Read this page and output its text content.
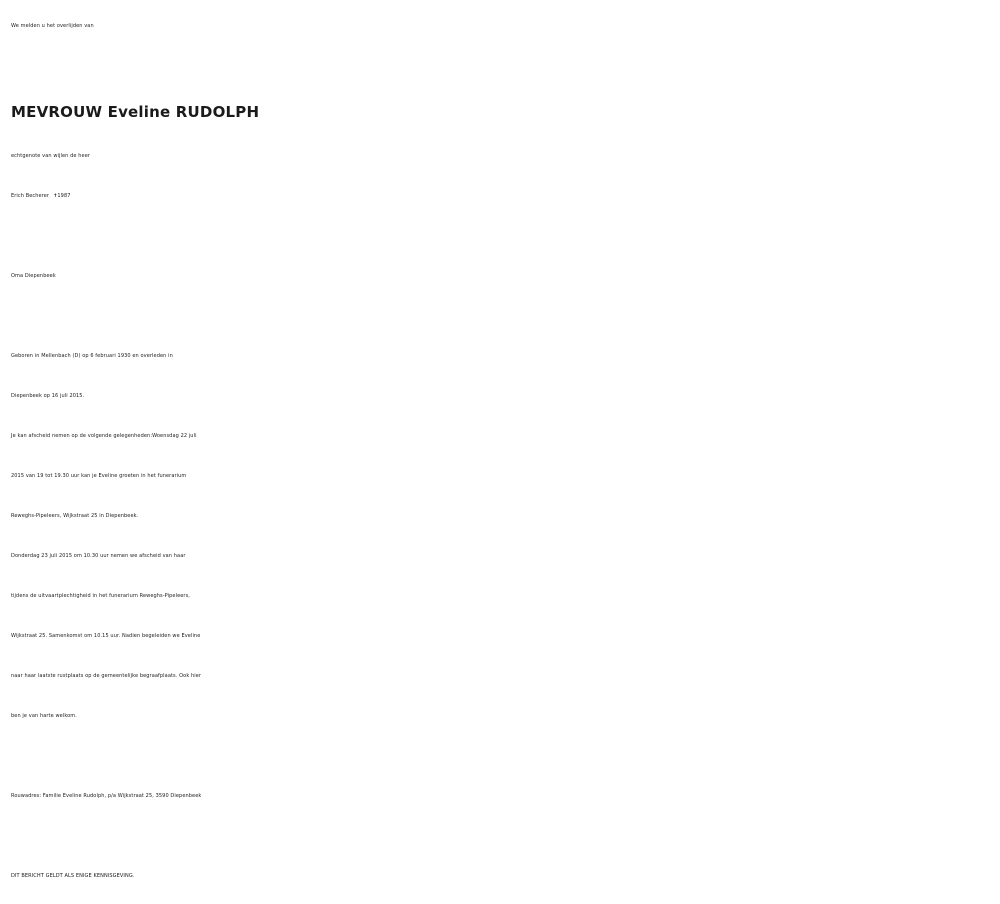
We melden u het overlijden van
MEVROUW Eveline RUDOLPH
echtgenote van wijlen de heer
Erich Becherer ✝1987
Oma Diepenbeek
Geboren in Mellenbach (D) op 6 februari 1930 en overleden in
Diepenbeek op 16 juli 2015.
Je kan afscheid nemen op de volgende gelegenheden:Woensdag 22 juli
2015 van 19 tot 19.30 uur kan je Eveline groeten in het funerarium
Reweghs-Pipeleers, Wijkstraat 25 in Diepenbeek.
Donderdag 23 juli 2015 om 10.30 uur nemen we afscheid van haar
tijdens de uitvaartplechtigheid in het funerarium Reweghs-Pipeleers,
Wijkstraat 25. Samenkomst om 10.15 uur. Nadien begeleiden we Eveline
naar haar laatste rustplaats op de gemeentelijke begraafplaats. Ook hier
ben je van harte welkom.
Rouwadres: Familie Eveline Rudolph, p/a Wijkstraat 25, 3590 Diepenbeek
DIT BERICHT GELDT ALS ENIGE KENNISGEVING.
